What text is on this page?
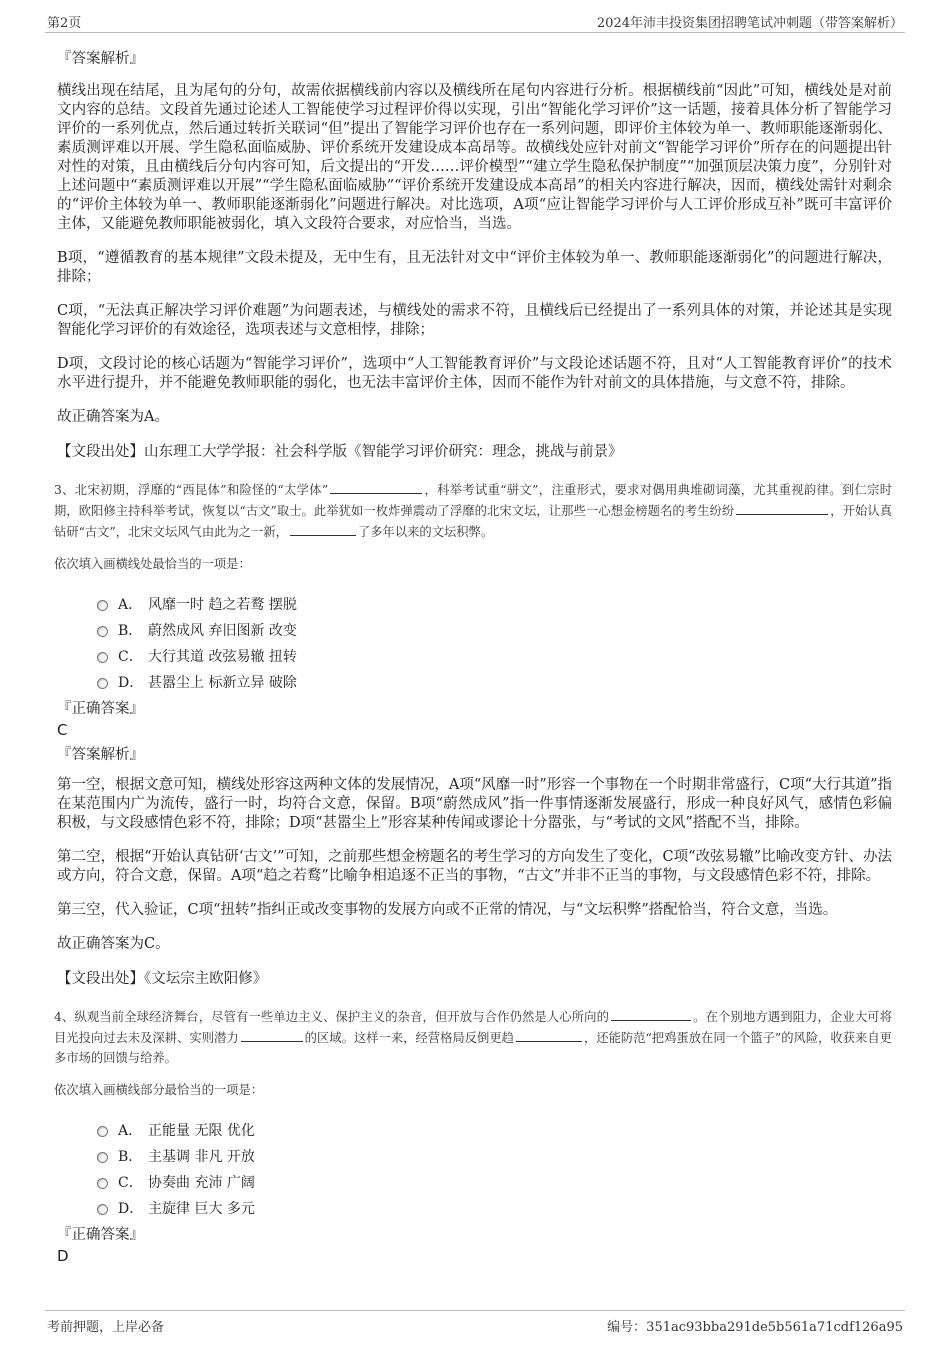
第2页	2024年沛丰投资集团招聘笔试冲刺题（带答案解析）
『答案解析』

横线出现在结尾，且为尾句的分句，故需依据横线前内容以及横线所在尾句内容进行分析。根据横线前“因此”可知，横线处是对前文内容的总结。文段首先通过论述人工智能使学习过程评价得以实现，引出“智能化学习评价”这一话题，接着具体分析了智能学习评价的一系列优点，然后通过转折关联词“但”提出了智能学习评价也存在一系列问题，即评价主体较为单一、教师职能逐渐弱化、素质测评难以开展、学生隐私面临威胁、评价系统开发建设成本高昂等。故横线处应针对前文“智能学习评价”所存在的问题提出针对性的对策，且由横线后分句内容可知，后文提出的“开发……评价模型”“建立学生隐私保护制度”“加强顶层决策力度”，分别针对上述问题中“素质测评难以开展”“学生隐私面临威胁”“评价系统开发建设成本高昂”的相关内容进行解决，因而，横线处需针对剩余的“评价主体较为单一、教师职能逐渐弱化”问题进行解决。对比选项，A项“应让智能学习评价与人工评价形成互补”既可丰富评价主体，又能避免教师职能被弱化，填入文段符合要求，对应恰当，当选。

B项，“遵循教育的基本规律”文段未提及，无中生有，且无法针对文中“评价主体较为单一、教师职能逐渐弱化”的问题进行解决，排除；

C项，“无法真正解决学习评价难题”为问题表述，与横线处的需求不符，且横线后已经提出了一系列具体的对策，并论述其是实现智能化学习评价的有效途径，选项表述与文意相悖，排除；

D项，文段讨论的核心话题为“智能学习评价”，选项中“人工智能教育评价”与文段论述话题不符，且对“人工智能教育评价”的技术水平进行提升，并不能避免教师职能的弱化，也无法丰富评价主体，因而不能作为针对前文的具体措施，与文意不符，排除。

故正确答案为A。

【文段出处】山东理工大学学报：社会科学版《智能学习评价研究：理念，挑战与前景》
3、北宋初期，浮靡的“西昆体”和险怪的“太学体”	，科举考试重“骈文”，注重形式，要求对偶用典堆砌词藻，尤其重视韵律。到仁宗时期，欧阳修主持科举考试，恢复以“古文”取士。此举犹如一枚炸弹震动了浮靡的北宋文坛，让那些一心想金榜题名的考生纷纷	，开始认真钻研“古文”，北宋文坛风气由此为之一新，	了多年以来的文坛积弊。
依次填入画横线处最恰当的一项是：
A． 风靡一时 趋之若鹜 摆脱
B． 蔚然成风 弃旧图新 改变
C． 大行其道 改弦易辙 扭转
D． 甚嚣尘上 标新立异 破除
『正确答案』
C
『答案解析』

第一空，根据文意可知，横线处形容这两种文体的发展情况，A项“风靡一时”形容一个事物在一个时期非常盛行，C项“大行其道”指在某范围内广为流传，盛行一时，均符合文意，保留。B项“蔚然成风”指一件事情逐渐发展盛行，形成一种良好风气，感情色彩偏积极，与文段感情色彩不符，排除；D项“甚嚣尘上”形容某种传闻或谬论十分嚣张，与“考试的文风”搭配不当，排除。

第二空，根据“开始认真钻研‘古文’”可知，之前那些想金榜题名的考生学习的方向发生了变化，C项“改弦易辙”比喻改变方针、办法或方向，符合文意，保留。A项“趋之若鹜”比喻争相追逐不正当的事物，“古文”并非不正当的事物，与文段感情色彩不符，排除。

第三空，代入验证，C项“扭转”指纠正或改变事物的发展方向或不正常的情况，与“文坛积弊”搭配恰当，符合文意，当选。

故正确答案为C。

【文段出处】《文坛宗主欧阳修》
4、纵观当前全球经济舞台，尽管有一些单边主义、保护主义的杂音，但开放与合作仍然是人心所向的	。在个别地方遇到阻力，企业大可将目光投向过去未及深耕、实则潜力	的区域。这样一来，经营格局反倒更趋	，还能防范“把鸡蛋放在同一个篮子”的风险，收获来自更多市场的回馈与给养。
依次填入画横线部分最恰当的一项是：
A． 正能量 无限 优化
B． 主基调 非凡 开放
C． 协奏曲 充沛 广阔
D． 主旋律 巨大 多元
『正确答案』
D
考前押题，上岸必备	编号：351ac93bba291de5b561a71cdf126a95
